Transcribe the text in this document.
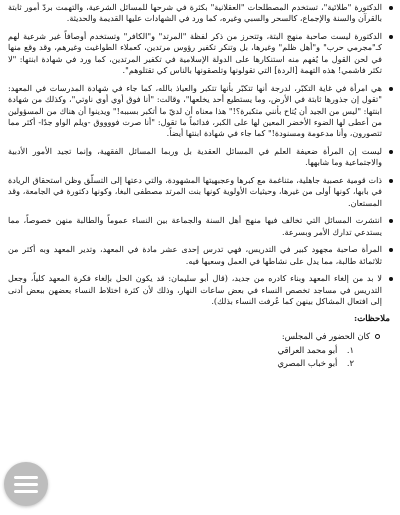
الدكتورة "طلائية"، تستخدم المصطلحات "العقلانية" بكثرة في شرحها للمسائل الشرعية، والتهمت بردّ أمور ثابتة بالقرآن والسنة والإجماع، كالسحر والسبي وغيره، كما ورد في الشهادات عليها القديمة والحديثة.
الدكتورة ليست صاحبة منهج البتة، وتتحرز من ذكر لفظة "المرتد" و"الكافر" وتستخدم أوصافاً غير شرعية لهم كـ"مجرمي حرب" و"أهل ظلم" وغيرها، بل وتنكر تكفير رؤوس مرتدين، كعملاء الطواغيت وغيرهم، وقد وقع منها في لحن القول ما يُفهم منه استنكارها على الدولة الإسلامية في تكفير المرتدين، كما ورد في شهادة ابنتها: "لا تكثر فاشمي! هذه التهمة [الردة] التي تقولونها وتلصقونها بالناس كي تقتلوهم".
هي امرأة في غاية التكبّر، لدرجة أنها تتكبّر بأنها تتكبر والعياذ بالله، كما جاء في شهادة المدرسات في المعهد: "تقول إن جذورها ثابتة في الأرض، وما يستطيع أحد يخلعها"، وقالت: "أنا فوق أوي أوي ناوتي"، وكذلك من شهادة ابنتها: "ليس من الجيد أن يُتاح بأنني متكبرة؟!" هذا معناه أن لديّ ما أتكبر بسببه!" ويدينوا أن هناك من المسؤولين من أعطى لها الضوء الأخضر المعين لها على الكبر، فدائماً ما تقول: "أنا صرت فووووق -ويلم الواو جدًا- أكثر مما تتصورون، وأنا مدعومة ومسنودة!" كما جاء في شهادة ابنتها أيضاً.
ليست إن المرأة ضعيفة العلم في المسائل العقدية بل وربما المسائل الفقهية، وإنما تجيد الأمور الأدبية والاجتماعية وما شابهها.
ذات قومية عصبية جاهلية، متناغمة مع كبرها وعجبهيتها المشهودة، والتي دعتها إلى التسلّق وظن استحقاق الريادة في بابها، كونها أولى من غيرها، وحيثيات الأولوية كونها بنت المرتد مصطفى البغا، وكونها دكتورة في الجامعة، وقد المستعان.
انتشرت المسائل التي تخالف فيها منهج أهل السنة والجماعة بين النساء عموماً والطالبة منهن خصوصاً، مما يستدعي تدارك الأمر وبسرعة.
المرأة صاحبة مجهود كبير في التدريس، فهي تدرس إحدى عشر مادة في المعهد، وتدير المعهد وبه أكثر من ثلاثمائة طالبة، مما يدل على نشاطها في العمل وسعيها فيه.
لا بد من إلغاء المعهد وبناء كادره من جديد، (قال أبو سليمان: قد يكون الحل بإلغاء فكرة المعهد كلياً، وجعل التدريس في مساجد تخصص النساء في بعض ساعات النهار، وذلك لأن كثرة اختلاط النساء بعضهن ببعض أدنى إلى افتعال المشاكل بينهن كما عُرفت النساء بذلك).
ملاحظات:
كان الحضور في المجلس:
١. أبو محمد العراقي
٢. أبو خباب المصري
